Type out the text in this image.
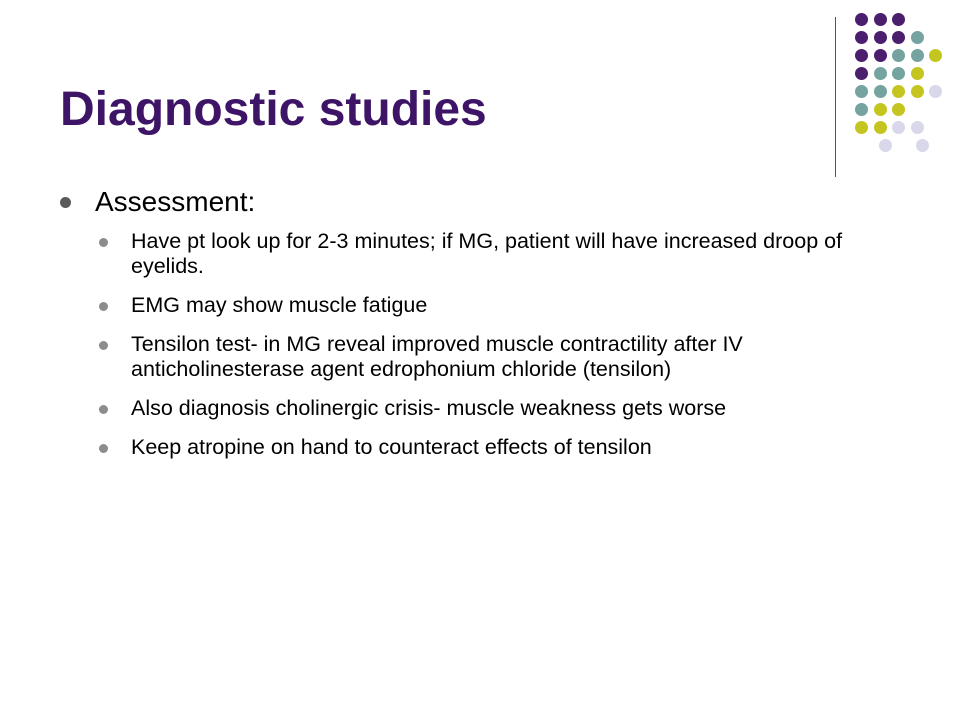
Diagnostic studies
Assessment:
Have pt look up for 2-3 minutes; if MG, patient will have increased droop of eyelids.
EMG may show muscle fatigue
Tensilon test- in MG reveal improved muscle contractility after IV anticholinesterase agent edrophonium chloride (tensilon)
Also diagnosis cholinergic crisis- muscle weakness gets worse
Keep atropine on hand to counteract effects of tensilon
